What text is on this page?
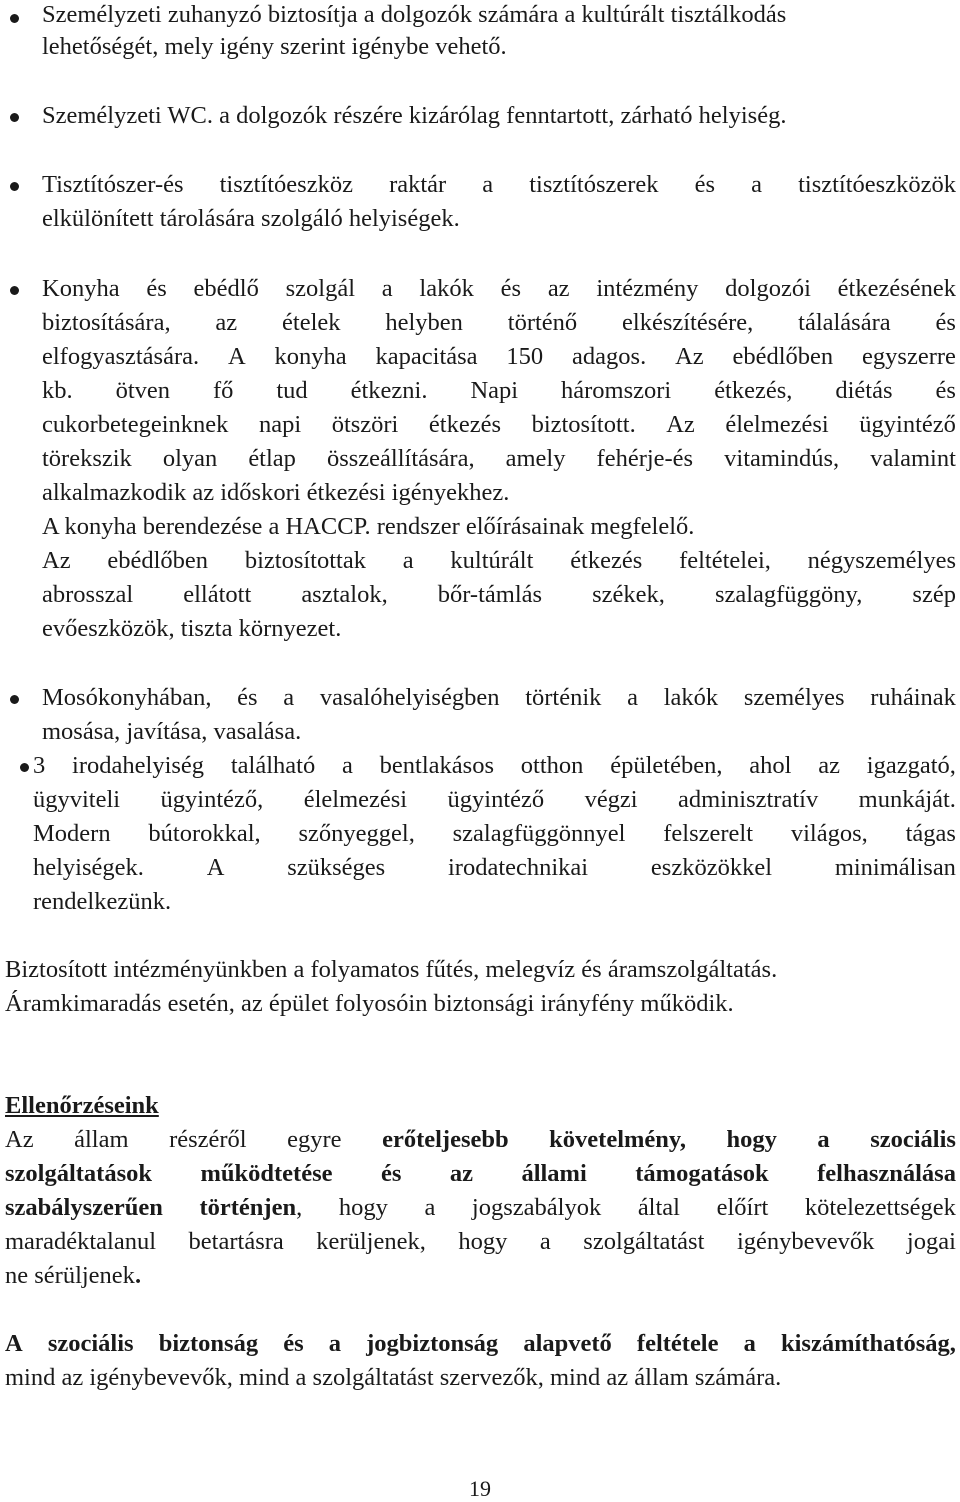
Személyzeti zuhanyzó biztosítja a dolgozók számára a kultúrált tisztálkodás
lehetőségét, mely igény szerint igénybe vehető.
Személyzeti WC. a dolgozók részére kizárólag fenntartott, zárható helyiség.
Tisztítószer-és tisztítóeszköz raktár a tisztítószerek és a tisztítóeszközök
elkülönített tárolására szolgáló helyiségek.
Konyha és ebédlő szolgál a lakók és az intézmény dolgozói étkezésének
biztosítására, az ételek helyben történő elkészítésére, tálalására és
elfogyasztására. A konyha kapacitása 150 adagos. Az ebédlőben egyszerre
kb. ötven fő tud étkezni. Napi háromszori étkezés, diétás és
cukorbetegeinknek napi ötszöri étkezés biztosított. Az élelmezési ügyintéző
törekszik olyan étlap összeállítására, amely fehérje-és vitamindús, valamint
alkalmazkodik az időskori étkezési igényekhez.
A konyha berendezése a HACCP. rendszer előírásainak megfelelő.
Az ebédlőben biztosítottak a kultúrált étkezés feltételei, négyszemélyes
abrosszal ellátott asztalok, bőr-támlás székek, szalagfüggöny, szép
evőeszközök, tiszta környezet.
Mosókonyhában, és a vasalóhelyiségben történik a lakók személyes ruháinak
mosása, javítása, vasalása.
3 irodahelyiség található a bentlakásos otthon épületében, ahol az igazgató,
ügyviteli ügyintéző, élelmezési ügyintéző végzi adminisztratív munkáját.
Modern bútorokkal, szőnyeggel, szalagfüggönnyel felszerelt világos, tágas
helyiségek.	A	szükséges	irodatechnikai	eszközökkel	minimálisan
rendelkezünk.
Biztosított intézményünkben a folyamatos fűtés, melegvíz és áramszolgáltatás.
Áramkimaradás esetén, az épület folyosóin biztonsági irányfény működik.
Ellenőrzéseink
Az állam részéről egyre erőteljesebb követelmény, hogy a szociális
szolgáltatások működtetése és az állami támogatások felhasználása
szabályszerűen történjen, hogy a jogszabályok által előírt kötelezettségek
maradéktalanul betartásra kerüljenek, hogy a szolgáltatást igénybevevők jogai
ne sérüljenek.
A szociális biztonság és a jogbiztonság alapvető feltétele a kiszámíthatóság,
mind az igénybevevők, mind a szolgáltatást szervezők, mind az állam számára.
19
